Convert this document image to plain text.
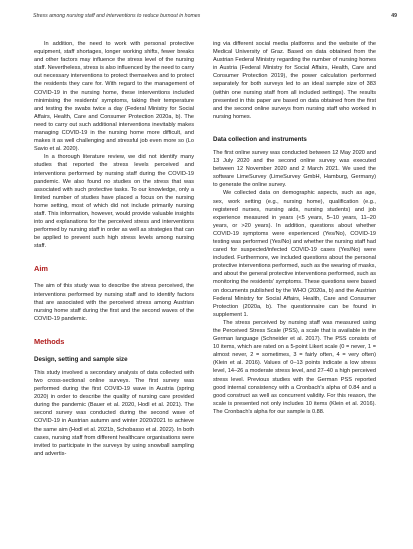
Stress among nursing staff and interventions to reduce burnout in homes	49

In addition, the need to work with personal protective equipment, staff shortages, longer working shifts, fewer breaks and other factors may influence the stress level of the nursing staff. Nevertheless, stress is also influenced by the need to carry out necessary interventions to protect themselves and to protect the residents they care for. With regard to the management of COVID-19 in the nursing home, these interventions included minimising the residents' symptoms, taking their temperature and testing the swabs twice a day (Federal Ministry for Social Affairs, Health, Care and Consumer Protection 2020a, b). The need to carry out such additional interventions inevitably makes managing COVID-19 in the nursing home more difficult, and makes it as well challenging and stressful job even more so (Lo Savio et al. 2020).

In a thorough literature review, we did not identify many studies that reported the stress levels perceived and interventions performed by nursing staff during the COVID-19 pandemic. We also found no studies on the stress that was associated with such protective tasks. To our knowledge, only a limited number of studies have placed a focus on the nursing home setting, most of which did not include primarily nursing staff. This information, however, would provide valuable insights into and explanations for the perceived stress and interventions performed by nursing staff in order as well as strategies that can be applied to prevent such high stress levels among nursing staff.

Aim

The aim of this study was to describe the stress perceived, the interventions performed by nursing staff and to identify factors that are associated with the perceived stress among Austrian nursing home staff during the first and the second waves of the COVID-19 pandemic.

Methods
Design, setting and sample size

This study involved a secondary analysis of data collected with two cross-sectional online surveys. The first survey was performed during the first COVID-19 wave in Austria (spring 2020) in order to describe the quality of nursing care provided during the pandemic (Bauer et al. 2020, Hodl et al. 2021). The second survey was conducted during the second wave of COVID-19 in Austrian autumn and winter 2020/2021 to achieve the same aim (Hodl et al. 2021b, Schobasso et al. 2022). In both cases, nursing staff from different healthcare organisations were invited to participate in the surveys by using snowball sampling and advertis-

ing via different social media platforms and the website of the Medical University of Graz. Based on data obtained from the Austrian Federal Ministry regarding the number of nursing homes in Austria (Federal Ministry for Social Affairs, Health, Care and Consumer Protection 2019), the power calculation performed separately for both surveys led to an ideal sample size of 383 (within one nursing staff from all included settings). The results presented in this paper are based on data obtained from the first and the second online surveys from nursing staff who worked in nursing homes.

Data collection and instruments

The first online survey was conducted between 12 May 2020 and 13 July 2020 and the second online survey was executed between 12 November 2020 and 2 March 2021. We used the software LimeSurvey (LimeSurvey GmbH, Hamburg, Germany) to generate the online survey.

We collected data on demographic aspects, such as age, sex, work setting (e.g., nursing home), qualification (e.g., registered nurses, nursing aids, nursing students) and job experience measured in years (<5 years, 5–10 years, 11–20 years, or >20 years). In addition, questions about whether COVID-19 symptoms were experienced (Yes/No), COVID-19 testing was performed (Yes/No) and whether the nursing staff had cared for suspected/infected COVID-19 cases (Yes/No) were included. Furthermore, we included questions about the personal protective interventions performed, such as the wearing of masks, and about the general protective interventions performed, such as monitoring the residents' symptoms. These questions were based on documents published by the WHO (2020a, b) and the Austrian Federal Ministry for Social Affairs, Health, Care and Consumer Protection (2020a, b). The questionnaire can be found in supplement 1.

The stress perceived by nursing staff was measured using the Perceived Stress Scale (PSS), a scale that is available in the German language (Schneider et al. 2017). The PSS consists of 10 items, which are rated on a 5-point Likert scale (0 = never, 1 = almost never, 2 = sometimes, 3 = fairly often, 4 = very often) (Klein et al. 2016). Values of 0–13 points indicate a low stress level, 14–26 a moderate stress level, and 27–40 a high perceived stress level. Previous studies with the German PSS reported good internal consistency with a Cronbach's alpha of 0.84 and a good construct as well as concurrent validity. For this reason, the scale is presented not only includes 10 items (Klein et al. 2016). The Cronbach's alpha for our sample is 0.88.
